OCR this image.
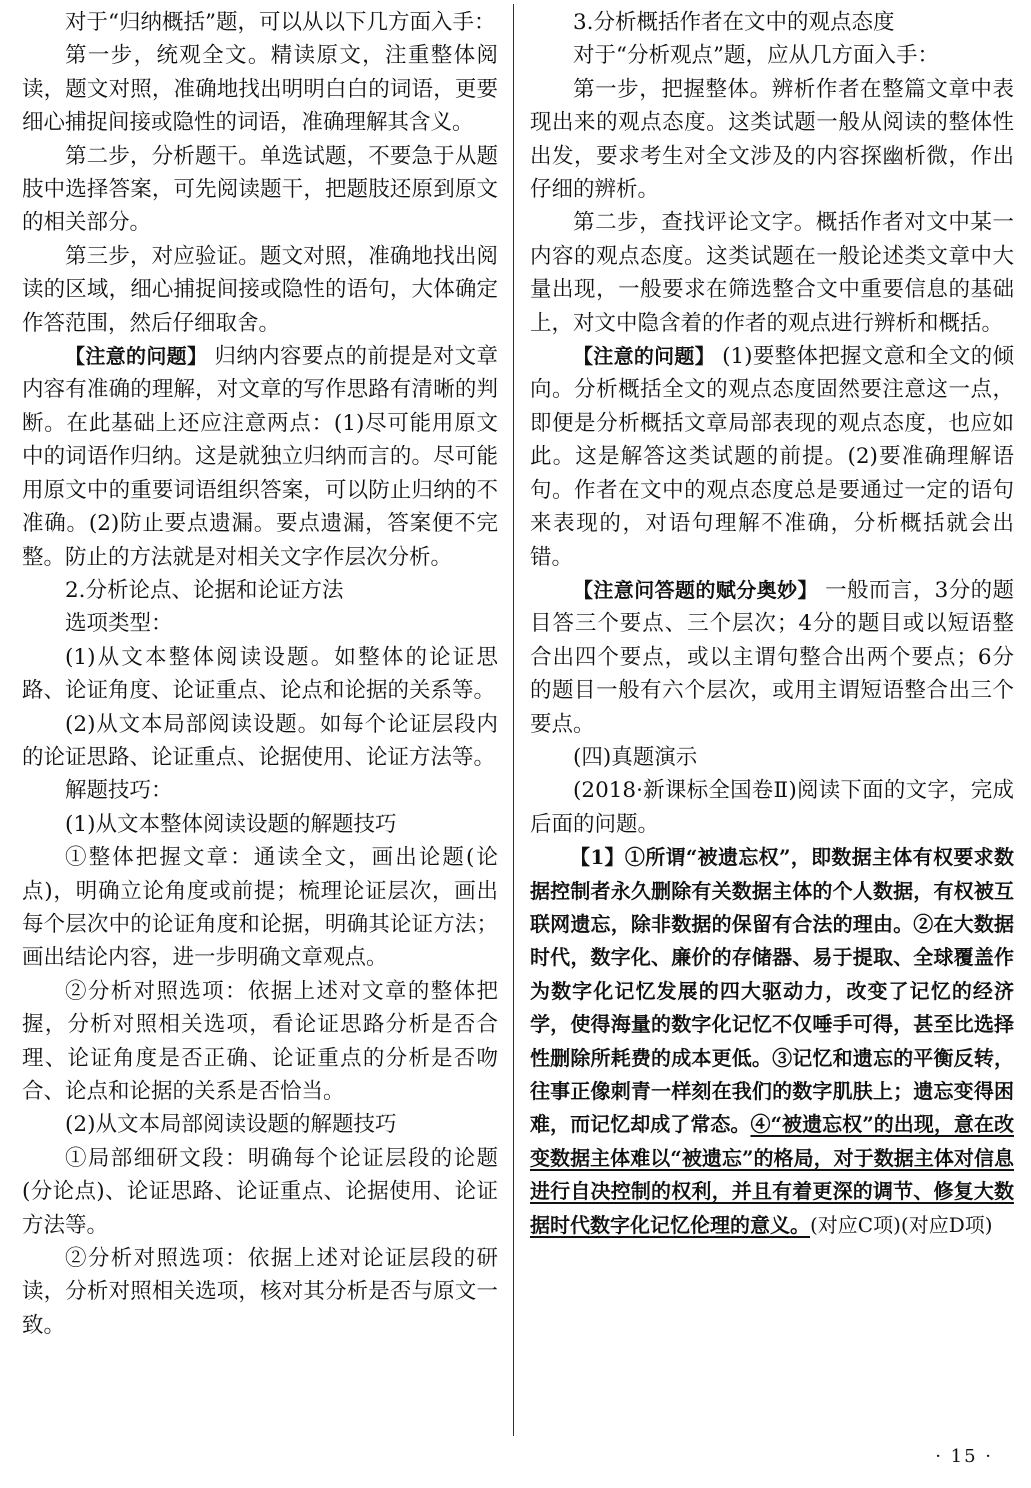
对于“归纳概括”题，可以从以下几方面入手：

第一步，统观全文。精读原文，注重整体阅读，题文对照，准确地找出明明白白的词语，更要细心捕捉间接或隐性的词语，准确理解其含义。

第二步，分析题干。单选试题，不要急于从题肢中选择答案，可先阅读题干，把题肢还原到原文的相关部分。

第三步，对应验证。题文对照，准确地找出阅读的区域，细心捕捉间接或隐性的语句，大体确定作答范围，然后仔细取舍。

【注意的问题】 归纳内容要点的前提是对文章内容有准确的理解，对文章的写作思路有清晰的判断。在此基础上还应注意两点：(1)尽可能用原文中的词语作归纳。这是就独立归纳而言的。尽可能用原文中的重要词语组织答案，可以防止归纳的不准确。(2)防止要点遗漏。要点遗漏，答案便不完整。防止的方法就是对相关文字作层次分析。

2.分析论点、论据和论证方法

选项类型：

(1)从文本整体阅读设题。如整体的论证思路、论证角度、论证重点、论点和论据的关系等。

(2)从文本局部阅读设题。如每个论证层段内的论证思路、论证重点、论据使用、论证方法等。

解题技巧：

(1)从文本整体阅读设题的解题技巧

①整体把握文章：通读全文，画出论题(论点)，明确立论角度或前提；梳理论证层次，画出每个层次中的论证角度和论据，明确其论证方法；画出结论内容，进一步明确文章观点。

②分析对照选项：依据上述对文章的整体把握，分析对照相关选项，看论证思路分析是否合理、论证角度是否正确、论证重点的分析是否吻合、论点和论据的关系是否恰当。

(2)从文本局部阅读设题的解题技巧

①局部细研文段：明确每个论证层段的论题(分论点)、论证思路、论证重点、论据使用、论证方法等。

②分析对照选项：依据上述对论证层段的研读，分析对照相关选项，核对其分析是否与原文一致。

3.分析概括作者在文中的观点态度

对于“分析观点”题，应从几方面入手：

第一步，把握整体。辨析作者在整篇文章中表现出来的观点态度。这类试题一般从阅读的整体性出发，要求考生对全文涉及的内容探幽析微，作出仔细的辨析。

第二步，查找评论文字。概括作者对文中某一内容的观点态度。这类试题在一般论述类文章中大量出现，一般要求在筛选整合文中重要信息的基础上，对文中隐含着的作者的观点进行辨析和概括。

【注意的问题】 (1)要整体把握文意和全文的倾向。分析概括全文的观点态度固然要注意这一点，即便是分析概括文章局部表现的观点态度，也应如此。这是解答这类试题的前提。(2)要准确理解语句。作者在文中的观点态度总是要通过一定的语句来表现的，对语句理解不准确，分析概括就会出错。

【注意问答题的赋分奥妙】 一般而言，3分的题目答三个要点、三个层次；4分的题目或以短语整合出四个要点，或以主谓句整合出两个要点；6分的题目一般有六个层次，或用主谓短语整合出三个要点。

(四)真题演示

(2018·新课标全国卷Ⅱ)阅读下面的文字，完成后面的问题。

【1】①所谓“被遗忘权”，即数据主体有权要求数据控制者永久删除有关数据主体的个人数据，有权被互联网遗忘，除非数据的保留有合法的理由。②在大数据时代，数字化、廉价的存储器、易于提取、全球覆盖作为数字化记忆发展的四大驱动力，改变了记忆的经济学，使得海量的数字化记忆不仅唾手可得，甚至比选择性删除所耗费的成本更低。③记忆和遗忘的平衡反转，往事正像刺青一样刻在我们的数字肌肤上；遗忘变得困难，而记忆却成了常态。④“被遗忘权”的出现，意在改变数据主体难以“被遗忘”的格局，对于数据主体对信息进行自决控制的权利，并且有着更深的调节、修复大数据时代数字化记忆伦理的意义。(对应C项)(对应D项)

· 15 ·
